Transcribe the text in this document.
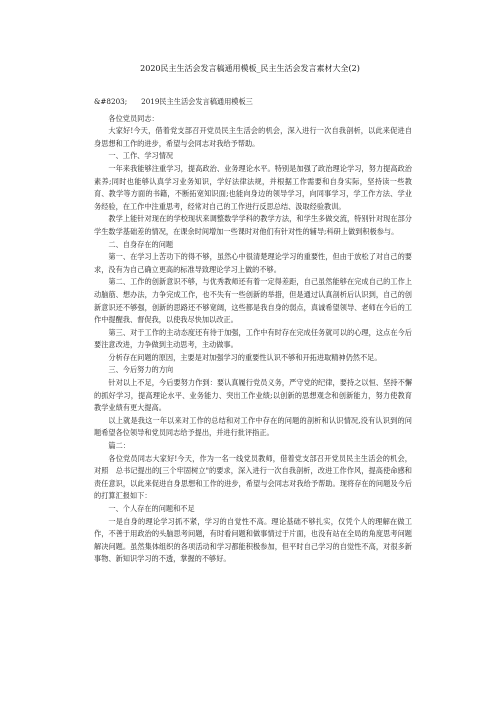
2020民主生活会发言稿通用模板_民主生活会发言素材大全(2)

&#8203; 2019民主生活会发言稿通用模板三

各位党员同志：

大家好!今天，借着党支部召开党员民主生活会的机会，深入进行一次自我剖析，以此来促进自身思想和工作的进步，希望与会同志对我给予帮助。

一、工作、学习情况

一年来我能够注重学习，提高政治、业务理论水平。特别是加强了政治理论学习，努力提高政治素养;同时也能够认真学习业务知识，学好法律法规，并根据工作需要和自身实际，坚持读一些教育、教学等方面的书籍，不断拓宽知识面;也能向身边的领导学习，向同事学习，学工作方法、学业务经验，在工作中注重思考，经常对自己的工作进行反思总结、汲取经验教训。

教学上能针对现在的学校现状来调整数学学科的教学方法，和学生多做交流，特别针对现在部分学生数学基础差的情况，在课余时间增加一些课时对他们有针对性的辅导;科研上做到积极参与。

二、自身存在的问题

第一、在学习上苦功下的得不够，虽然心中很清楚理论学习的重要性，但由于放松了对自己的要求，没有为自己确立更高的标准导致理论学习上做的不够。

第二、工作的创新意识不够，与优秀教师还有着一定得差距，自己虽然能够在完成自己的工作上动脑筋、想办法，力争完成工作，也不失有一些创新的举措，但是通过认真剖析后认识到，自己的创新意识还不够强，创新的思路还不够宽阔，这些都是我自身的弱点，真诚希望领导、老师在今后的工作中提醒我、督促我，以使我尽快加以改正。

第三、对于工作的主动态度还有待于加强，工作中有时存在完成任务就可以的心理，这点在今后要注意改进，力争做到主动思考，主动做事。

分析存在问题的原因，主要是对加强学习的重要性认识不够和开拓进取精神仍然不足。

三、今后努力的方向

针对以上不足，今后要努力作到：要认真履行党员义务，严守党的纪律，要持之以恒、坚持不懈的抓好学习，提高理论水平、业务能力、突出工作业绩;以创新的思想观念和创新能力，努力使教育教学业绩有更大提高。

以上就是我这一年以来对工作的总结和对工作中存在的问题的剖析和认识情况,没有认识到的问题希望各位领导和党员同志给予提出，并进行批评指正。

篇二：

各位党员同志大家好!今天，作为一名一线党员教师，借着党支部召开党员民主生活会的机会，对照　总书记提出的[三个牢固树立"的要求，深入进行一次自我剖析，改进工作作风，提高使命感和责任意识，以此来促进自身思想和工作的进步，希望与会同志对我给予帮助。现将存在的问题及今后的打算汇报如下：

一、个人存在的问题和不足

一是自身的理论学习抓不紧，学习的自觉性不高。理论基础不够扎实，仅凭个人的理解在做工作，不善于用政治的头脑思考问题，有时看问题和做事情过于片面，也没有站在全局的角度思考问题解决问题。虽然集体组织的各项活动和学习都能积极参加，但平时自己学习的自觉性不高，对很多新事物、新知识学习的不透，掌握的不够好。
